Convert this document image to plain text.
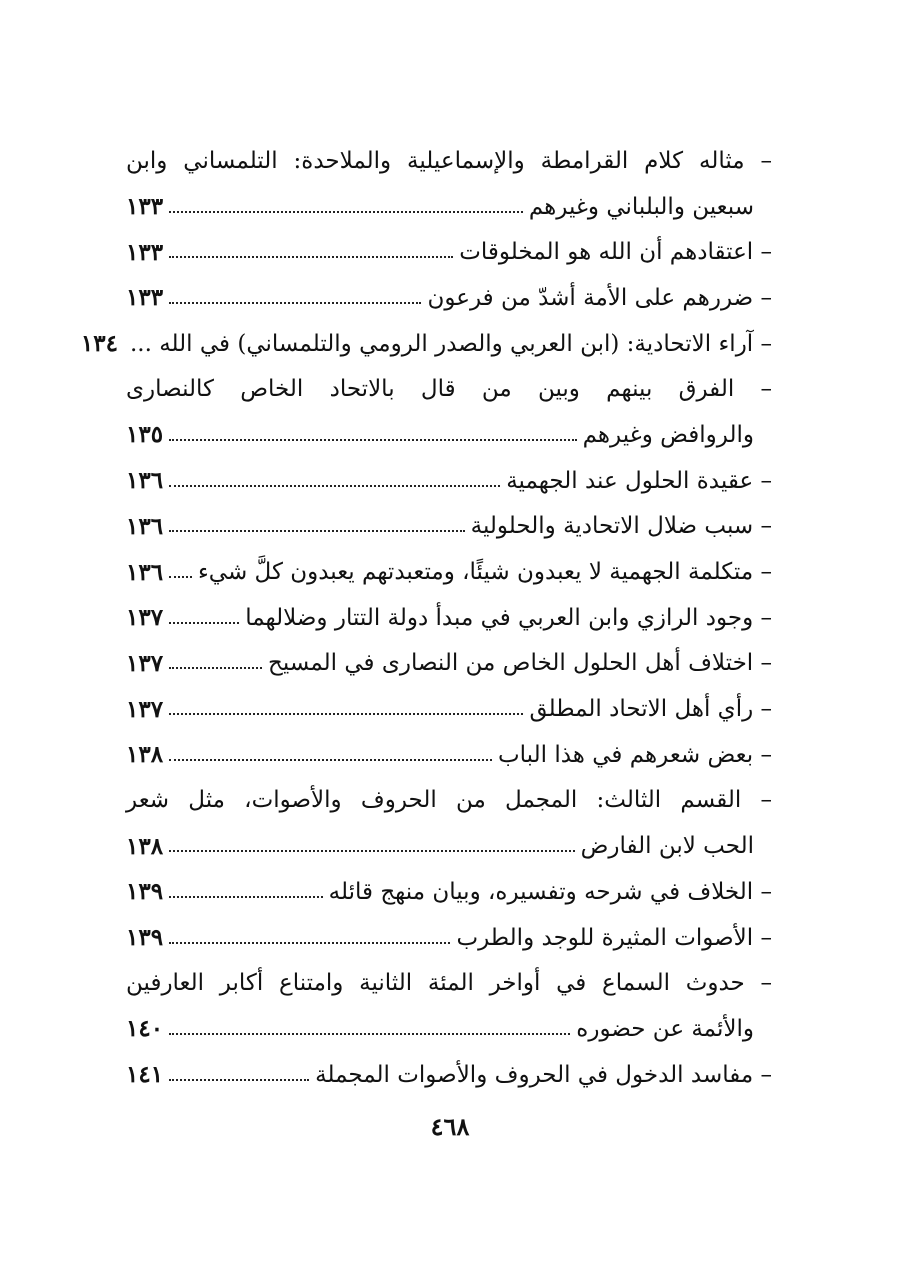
– مثاله كلام القرامطة والإسماعيلية والملاحدة: التلمساني وابن
سبعين والبلباني وغيرهم
١٣٣
– اعتقادهم أن الله هو المخلوقات
١٣٣
– ضررهم على الأمة أشدّ من فرعون
١٣٣
– آراء الاتحادية: (ابن العربي والصدر الرومي والتلمساني) في الله ...
١٣٤
– الفرق بينهم وبين من قال بالاتحاد الخاص كالنصارى
والروافض وغيرهم
١٣٥
– عقيدة الحلول عند الجهمية
١٣٦
– سبب ضلال الاتحادية والحلولية
١٣٦
– متكلمة الجهمية لا يعبدون شيئًا، ومتعبدتهم يعبدون كلَّ شيء
١٣٦
– وجود الرازي وابن العربي في مبدأ دولة التتار وضلالهما
١٣٧
– اختلاف أهل الحلول الخاص من النصارى في المسيح
١٣٧
– رأي أهل الاتحاد المطلق
١٣٧
– بعض شعرهم في هذا الباب
١٣٨
– القسم الثالث: المجمل من الحروف والأصوات، مثل شعر
الحب لابن الفارض
١٣٨
– الخلاف في شرحه وتفسيره، وبيان منهج قائله
١٣٩
– الأصوات المثيرة للوجد والطرب
١٣٩
– حدوث السماع في أواخر المئة الثانية وامتناع أكابر العارفين
والأئمة عن حضوره
١٤٠
– مفاسد الدخول في الحروف والأصوات المجملة
١٤١
٤٦٨
